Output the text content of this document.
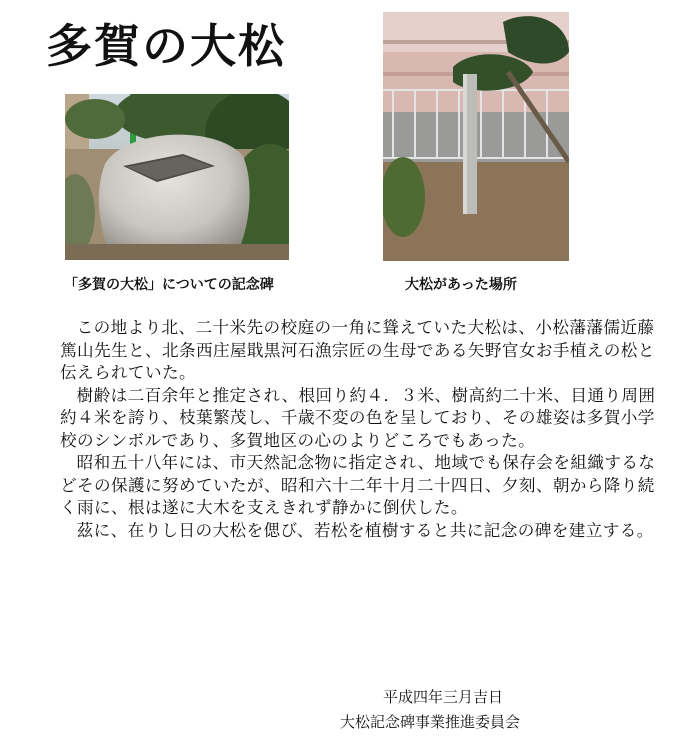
多賀の大松
「多賀の大松」についての記念碑	大松があった場所

この地より北、二十米先の校庭の一角に聳えていた大松は、小松藩藩儒近藤篤山先生と、北条西庄屋戢黒河石漁宗匠の生母である矢野官女お手植えの松と伝えられていた。

樹齢は二百余年と推定され、根回り約４．３米、樹高約二十米、目通り周囲約４米を誇り、枝葉繁茂し、千歳不変の色を呈しており、その雄姿は多賀小学校のシンボルであり、多賀地区の心のよりどころでもあった。

昭和五十八年には、市天然記念物に指定され、地域でも保存会を組織するなどその保護に努めていたが、昭和六十二年十月二十四日、夕刻、朝から降り続く雨に、根は遂に大木を支えきれず静かに倒伏した。

茲に、在りし日の大松を偲び、若松を植樹すると共に記念の碑を建立する。

平成四年三月吉日
大松記念碑事業推進委員会
